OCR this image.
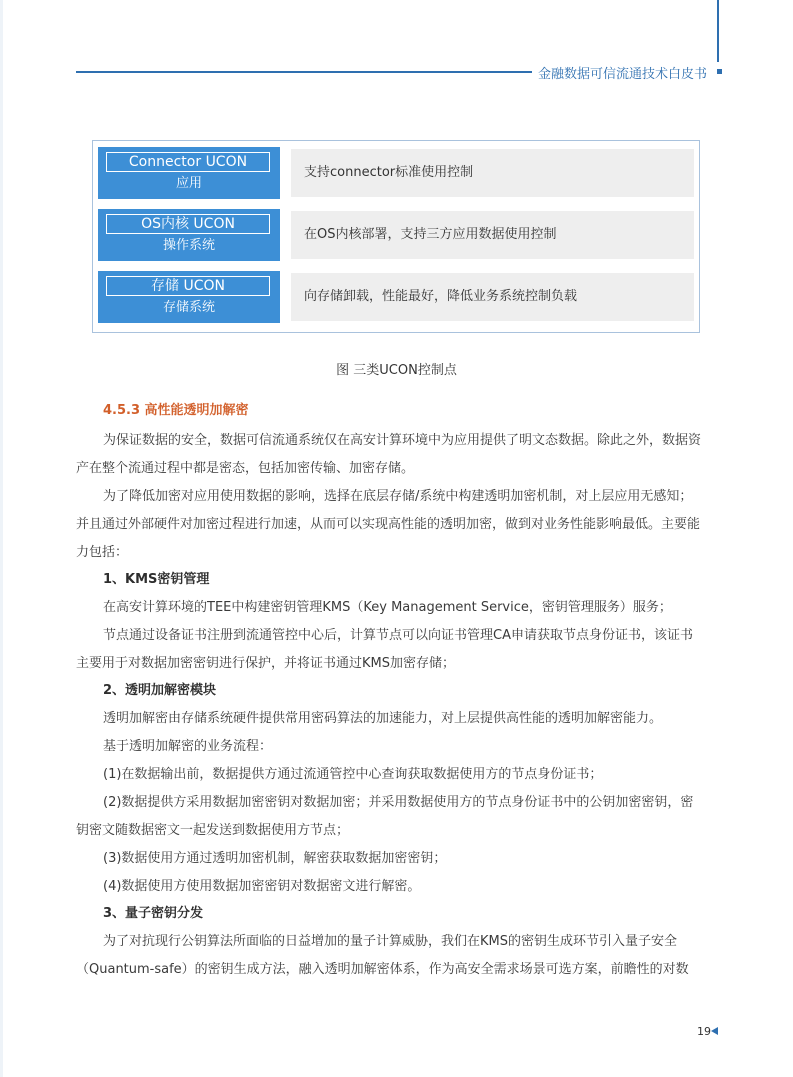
金融数据可信流通技术白皮书
Connector UCON
应用
支持connector标准使用控制
OS内核 UCON
操作系统
在OS内核部署，支持三方应用数据使用控制
存储 UCON
存储系统
向存储卸载，性能最好，降低业务系统控制负载
图 三类UCON控制点
4.5.3 高性能透明加解密
为保证数据的安全，数据可信流通系统仅在高安计算环境中为应用提供了明文态数据。除此之外，数据资
产在整个流通过程中都是密态，包括加密传输、加密存储。
为了降低加密对应用使用数据的影响，选择在底层存储/系统中构建透明加密机制，对上层应用无感知；
并且通过外部硬件对加密过程进行加速，从而可以实现高性能的透明加密，做到对业务性能影响最低。主要能
力包括：
1、KMS密钥管理
在高安计算环境的TEE中构建密钥管理KMS（Key Management Service，密钥管理服务）服务；
节点通过设备证书注册到流通管控中心后，计算节点可以向证书管理CA申请获取节点身份证书，该证书
主要用于对数据加密密钥进行保护，并将证书通过KMS加密存储；
2、透明加解密模块
透明加解密由存储系统硬件提供常用密码算法的加速能力，对上层提供高性能的透明加解密能力。
基于透明加解密的业务流程：
(1)在数据输出前，数据提供方通过流通管控中心查询获取数据使用方的节点身份证书；
(2)数据提供方采用数据加密密钥对数据加密；并采用数据使用方的节点身份证书中的公钥加密密钥，密
钥密文随数据密文一起发送到数据使用方节点；
(3)数据使用方通过透明加密机制，解密获取数据加密密钥；
(4)数据使用方使用数据加密密钥对数据密文进行解密。
3、量子密钥分发
为了对抗现行公钥算法所面临的日益增加的量子计算威胁，我们在KMS的密钥生成环节引入量子安全
（Quantum-safe）的密钥生成方法，融入透明加解密体系，作为高安全需求场景可选方案，前瞻性的对数
19
